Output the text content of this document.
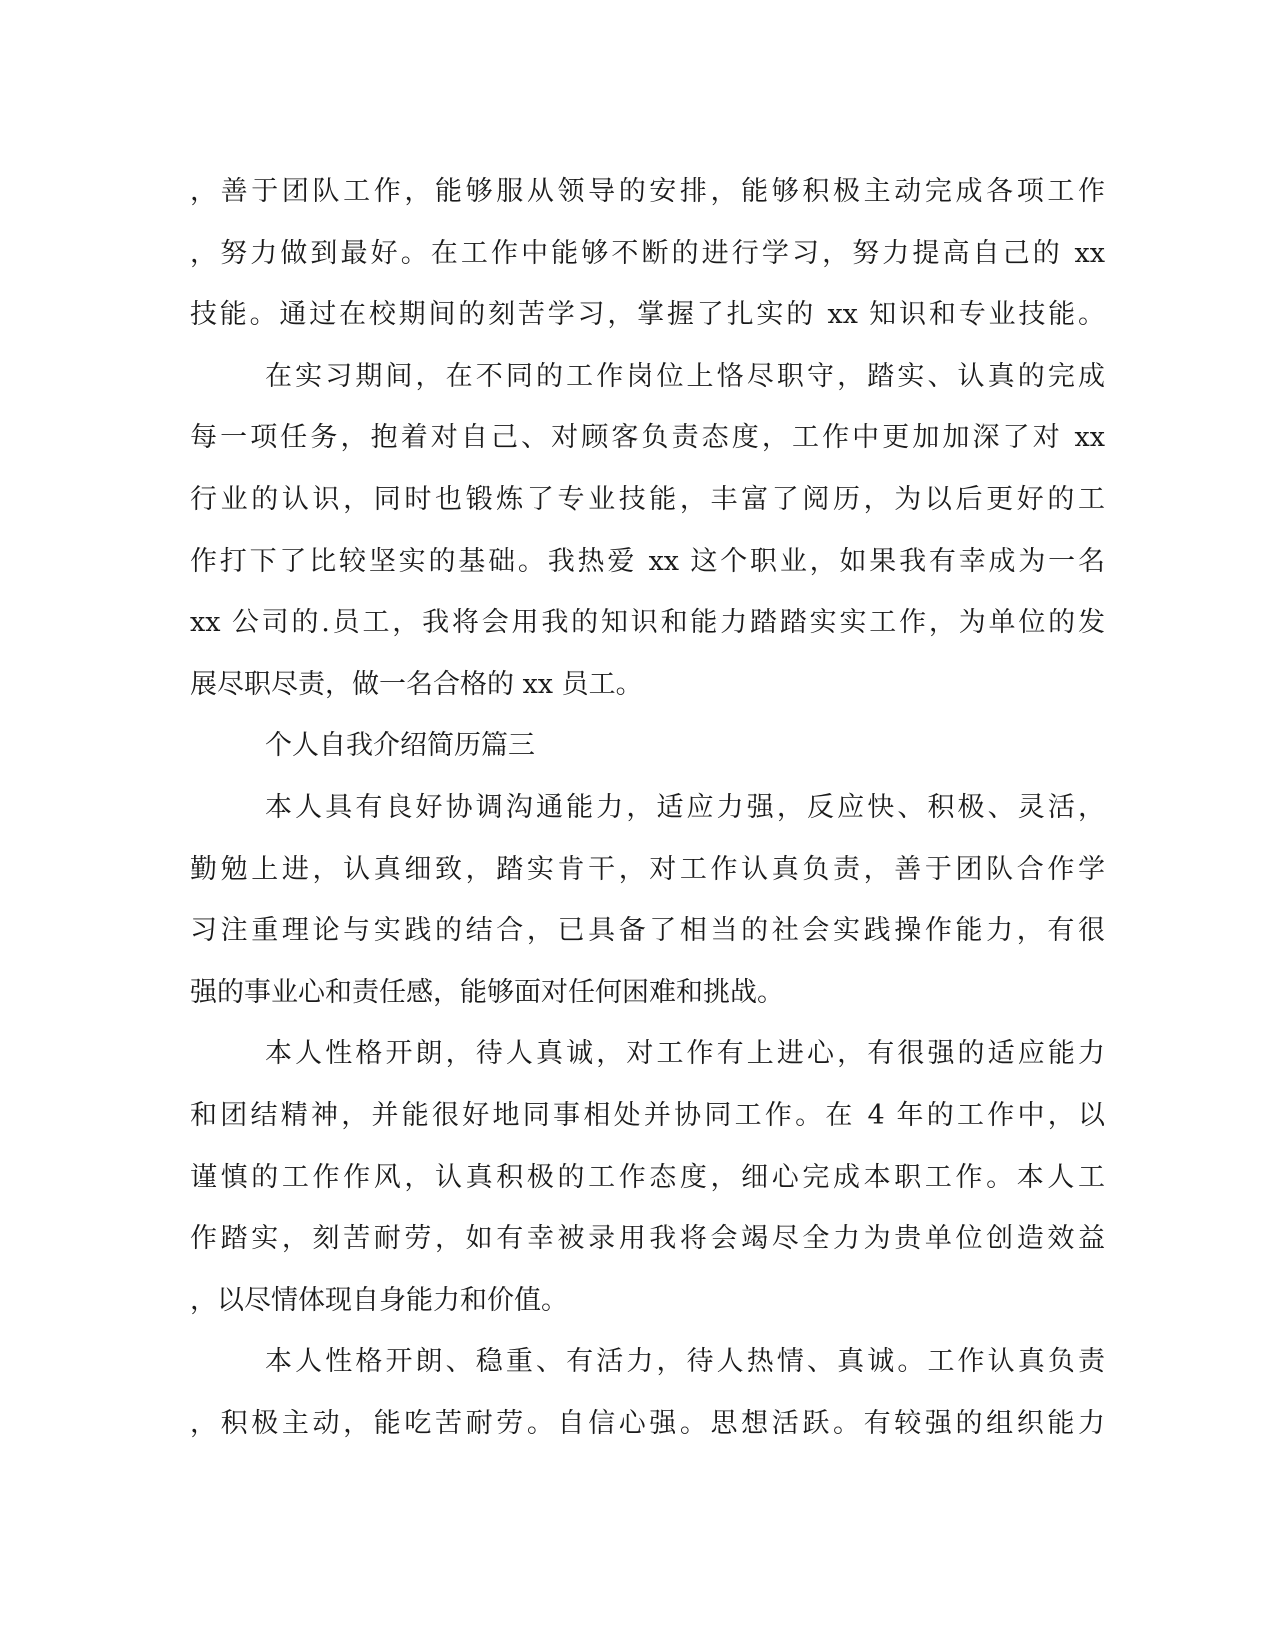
，善于团队工作，能够服从领导的安排，能够积极主动完成各项工作
，努力做到最好。在工作中能够不断的进行学习，努力提高自己的 xx
技能。通过在校期间的刻苦学习，掌握了扎实的 xx 知识和专业技能。
在实习期间，在不同的工作岗位上恪尽职守，踏实、认真的完成
每一项任务，抱着对自己、对顾客负责态度，工作中更加加深了对 xx
行业的认识，同时也锻炼了专业技能，丰富了阅历，为以后更好的工
作打下了比较坚实的基础。我热爱 xx 这个职业，如果我有幸成为一名
xx 公司的.员工，我将会用我的知识和能力踏踏实实工作，为单位的发
展尽职尽责，做一名合格的 xx 员工。
个人自我介绍简历篇三
本人具有良好协调沟通能力，适应力强，反应快、积极、灵活，
勤勉上进，认真细致，踏实肯干，对工作认真负责，善于团队合作学
习注重理论与实践的结合，已具备了相当的社会实践操作能力，有很
强的事业心和责任感，能够面对任何困难和挑战。
本人性格开朗，待人真诚，对工作有上进心，有很强的适应能力
和团结精神，并能很好地同事相处并协同工作。在 4 年的工作中，以
谨慎的工作作风，认真积极的工作态度，细心完成本职工作。本人工
作踏实，刻苦耐劳，如有幸被录用我将会竭尽全力为贵单位创造效益
，以尽情体现自身能力和价值。
本人性格开朗、稳重、有活力，待人热情、真诚。工作认真负责
，积极主动，能吃苦耐劳。自信心强。思想活跃。有较强的组织能力
